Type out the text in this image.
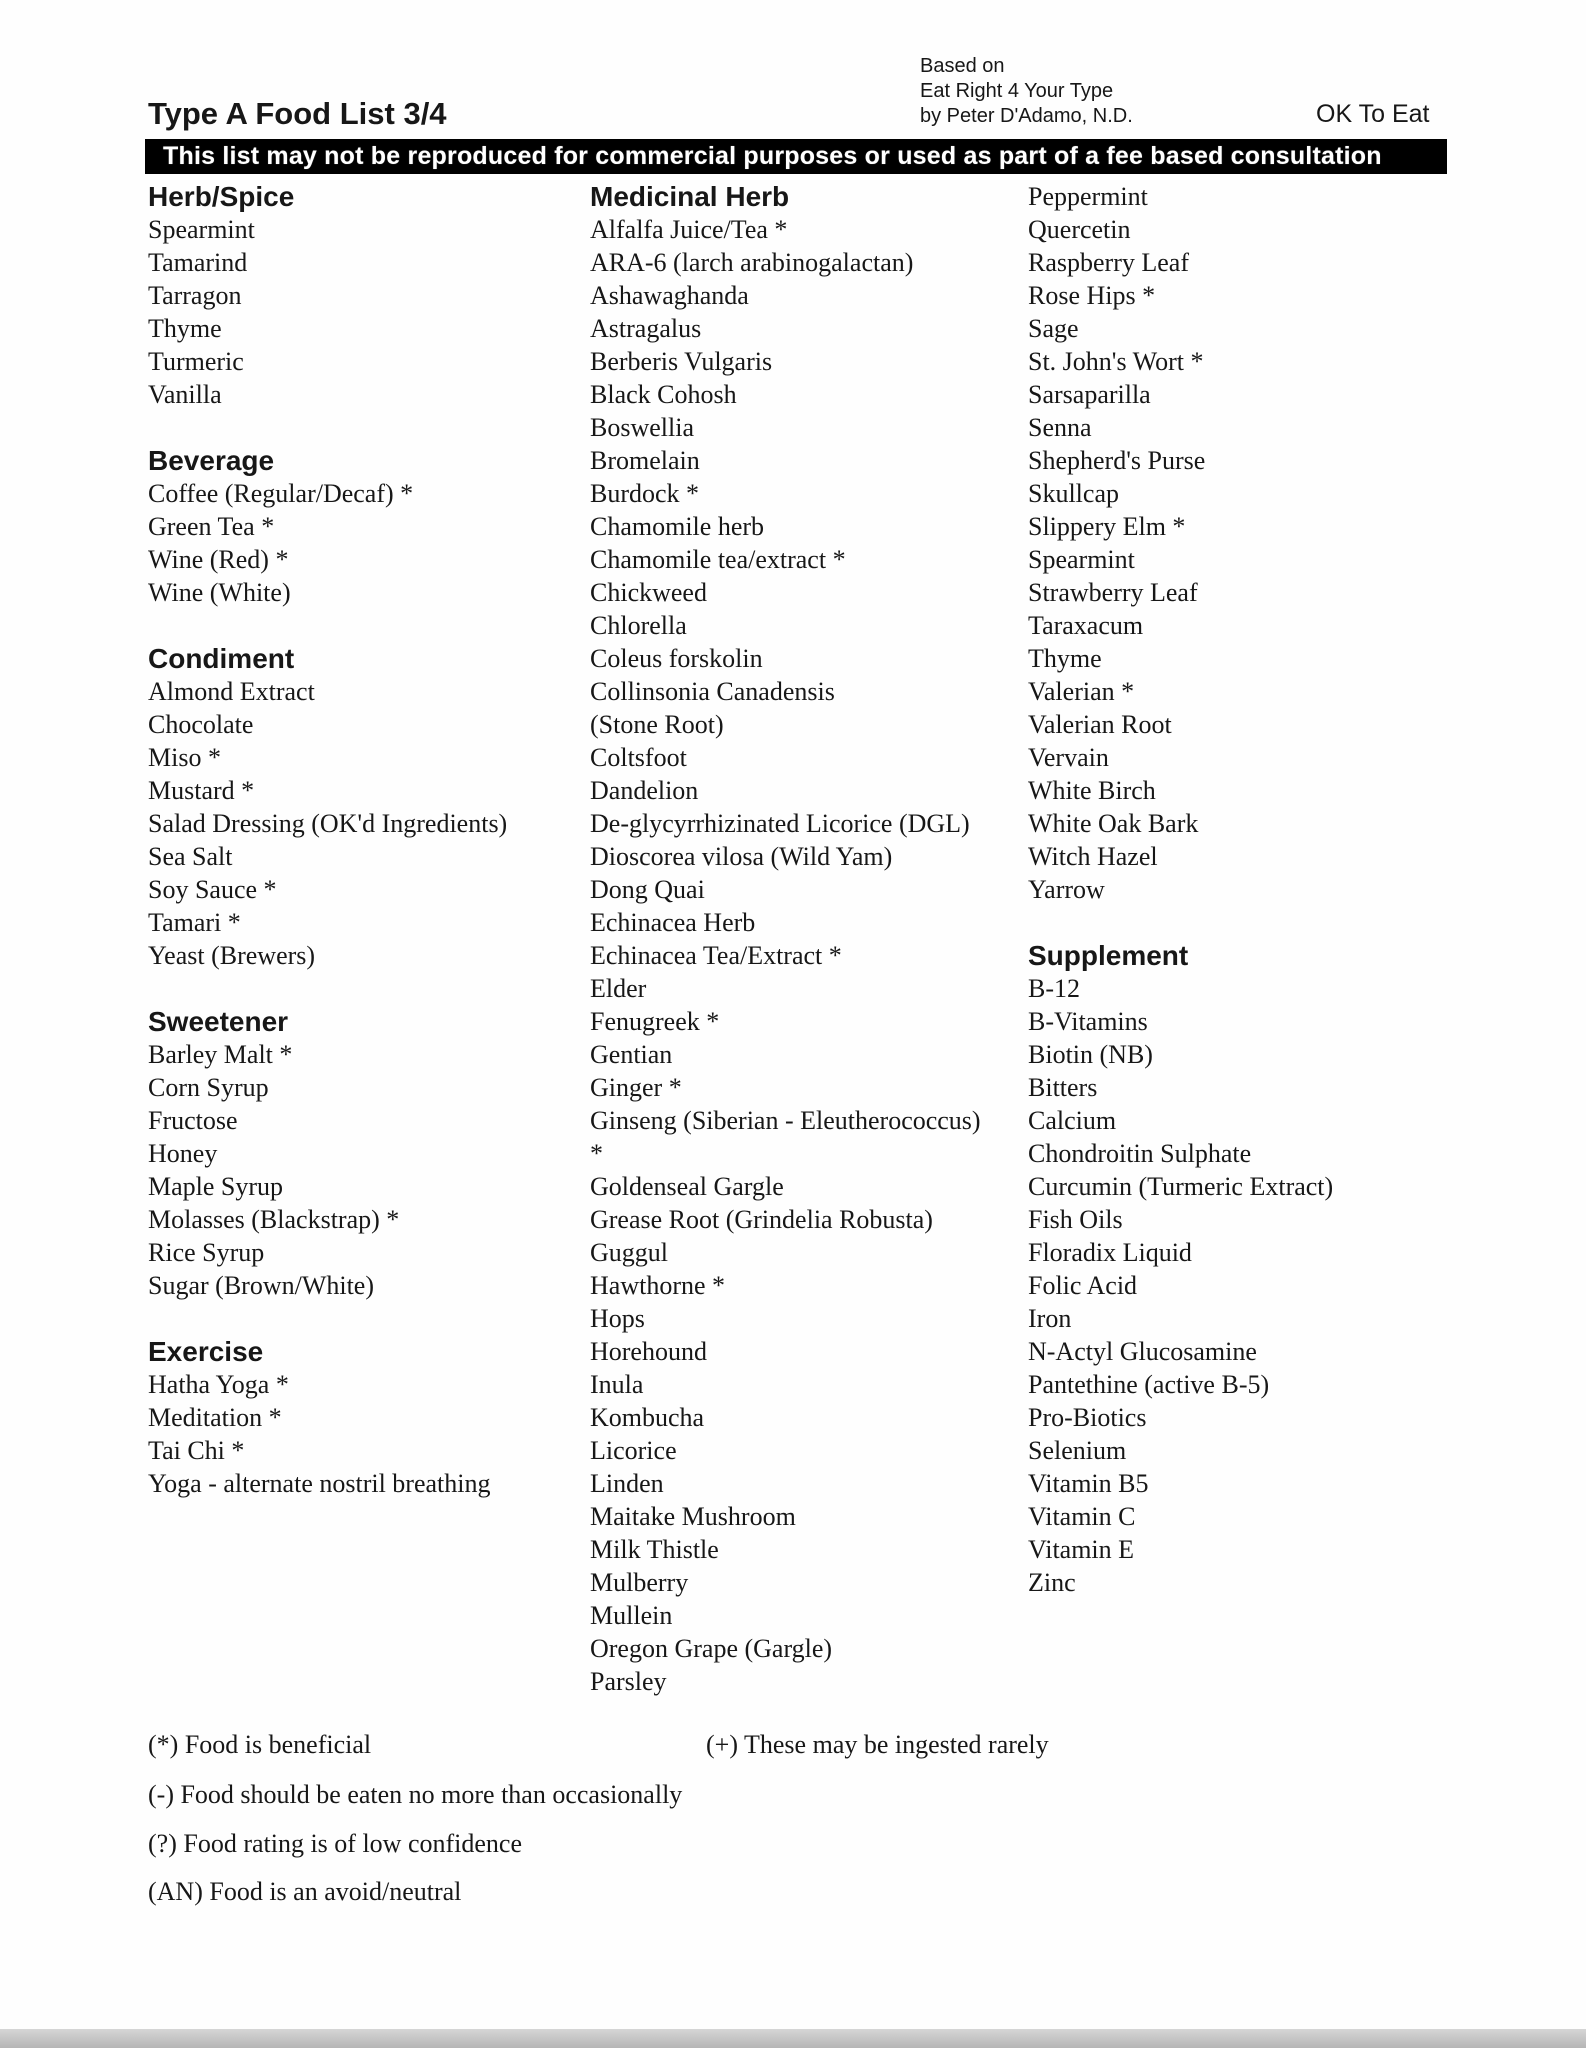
Type A Food List 3/4
Based on
Eat Right 4 Your Type
by Peter D'Adamo, N.D.	OK To Eat
This list may not be reproduced for commercial purposes or used as part of a fee based consultation
Herb/Spice
Spearmint
Tamarind
Tarragon
Thyme
Turmeric
Vanilla
Beverage
Coffee (Regular/Decaf) *
Green Tea *
Wine (Red) *
Wine (White)
Condiment
Almond Extract
Chocolate
Miso *
Mustard *
Salad Dressing (OK'd Ingredients)
Sea Salt
Soy Sauce *
Tamari *
Yeast (Brewers)
Sweetener
Barley Malt *
Corn Syrup
Fructose
Honey
Maple Syrup
Molasses (Blackstrap) *
Rice Syrup
Sugar (Brown/White)
Exercise
Hatha Yoga *
Meditation *
Tai Chi *
Yoga - alternate nostril breathing
Medicinal Herb
Alfalfa Juice/Tea *
ARA-6 (larch arabinogalactan)
Ashawaghanda
Astragalus
Berberis Vulgaris
Black Cohosh
Boswellia
Bromelain
Burdock *
Chamomile herb
Chamomile tea/extract *
Chickweed
Chlorella
Coleus forskolin
Collinsonia Canadensis
(Stone Root)
Coltsfoot
Dandelion
De-glycyrrhizinated Licorice (DGL)
Dioscorea vilosa (Wild Yam)
Dong Quai
Echinacea Herb
Echinacea Tea/Extract *
Elder
Fenugreek *
Gentian
Ginger *
Ginseng (Siberian - Eleutherococcus)
*
Goldenseal Gargle
Grease Root (Grindelia Robusta)
Guggul
Hawthorne *
Hops
Horehound
Inula
Kombucha
Licorice
Linden
Maitake Mushroom
Milk Thistle
Mulberry
Mullein
Oregon Grape (Gargle)
Parsley
Peppermint
Quercetin
Raspberry Leaf
Rose Hips *
Sage
St. John's Wort *
Sarsaparilla
Senna
Shepherd's Purse
Skullcap
Slippery Elm *
Spearmint
Strawberry Leaf
Taraxacum
Thyme
Valerian *
Valerian Root
Vervain
White Birch
White Oak Bark
Witch Hazel
Yarrow
Supplement
B-12
B-Vitamins
Biotin (NB)
Bitters
Calcium
Chondroitin Sulphate
Curcumin (Turmeric Extract)
Fish Oils
Floradix Liquid
Folic Acid
Iron
N-Actyl Glucosamine
Pantethine (active B-5)
Pro-Biotics
Selenium
Vitamin B5
Vitamin C
Vitamin E
Zinc
(*) Food is beneficial	(+) These may be ingested rarely
(-) Food should be eaten no more than occasionally
(?) Food rating is of low confidence
(AN) Food is an avoid/neutral
